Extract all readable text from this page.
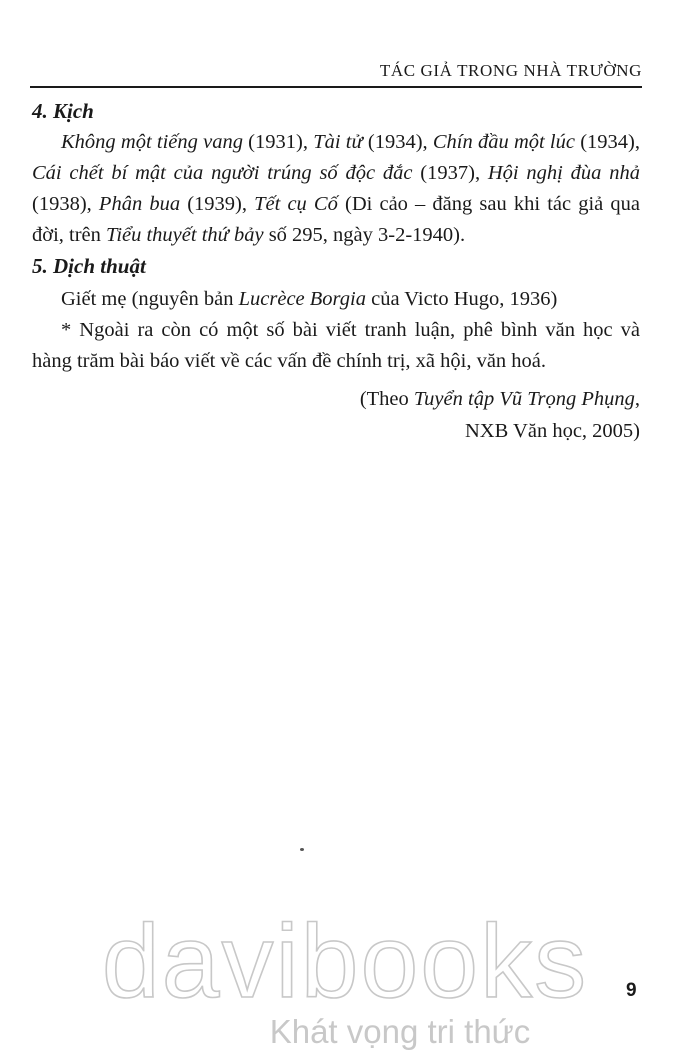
TÁC GIẢ TRONG NHÀ TRƯỜNG
4. Kịch

Không một tiếng vang (1931), Tài tử (1934), Chín đầu một lúc (1934), Cái chết bí mật của người trúng số độc đắc (1937), Hội nghị đùa nhả (1938), Phân bua (1939), Tết cụ Cố (Di cảo – đăng sau khi tác giả qua đời, trên Tiểu thuyết thứ bảy số 295, ngày 3-2-1940).

5. Dịch thuật

Giết mẹ (nguyên bản Lucrèce Borgia của Victo Hugo, 1936)

* Ngoài ra còn có một số bài viết tranh luận, phê bình văn học và hàng trăm bài báo viết về các vấn đề chính trị, xã hội, văn hoá.

(Theo Tuyển tập Vũ Trọng Phụng,
NXB Văn học, 2005)
9
davibooks
Khát vọng tri thức
